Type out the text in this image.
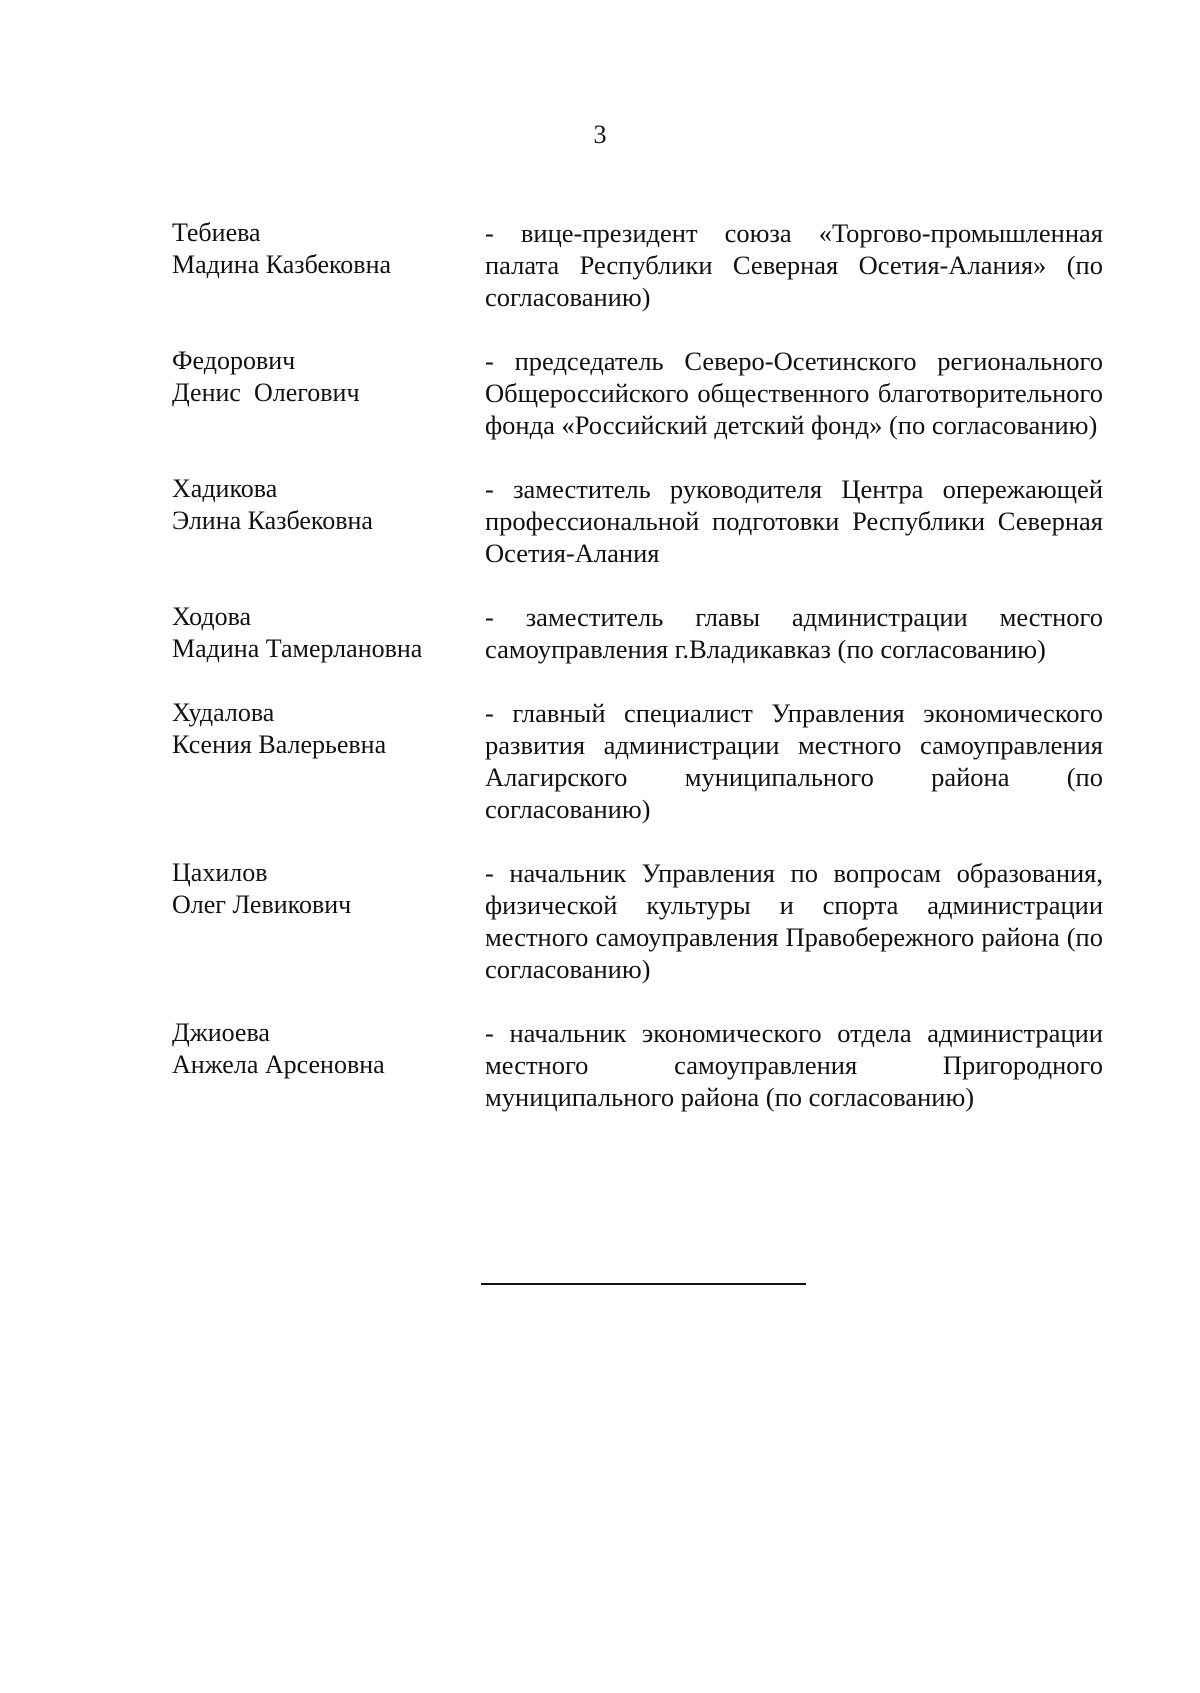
3
Тебиева
Мадина Казбековна
- вице-президент союза «Торгово-промышленная палата Республики Северная Осетия-Алания» (по согласованию)
Федорович
Денис  Олегович
- председатель Северо-Осетинского регионального Общероссийского общественного благотворительного фонда «Российский детский фонд» (по согласованию)
Хадикова
Элина Казбековна
- заместитель руководителя Центра опережающей профессиональной подготовки Республики Северная Осетия-Алания
Ходова
Мадина Тамерлановна
- заместитель главы администрации местного самоуправления г.Владикавказ (по согласованию)
Худалова
Ксения Валерьевна
- главный специалист Управления экономического развития администрации местного самоуправления Алагирского муниципального района (по согласованию)
Цахилов
Олег Левикович
- начальник Управления по вопросам образования, физической культуры и спорта администрации местного самоуправления Правобережного района (по согласованию)
Джиоева
Анжела Арсеновна
- начальник экономического отдела администрации местного самоуправления Пригородного муниципального района (по согласованию)
